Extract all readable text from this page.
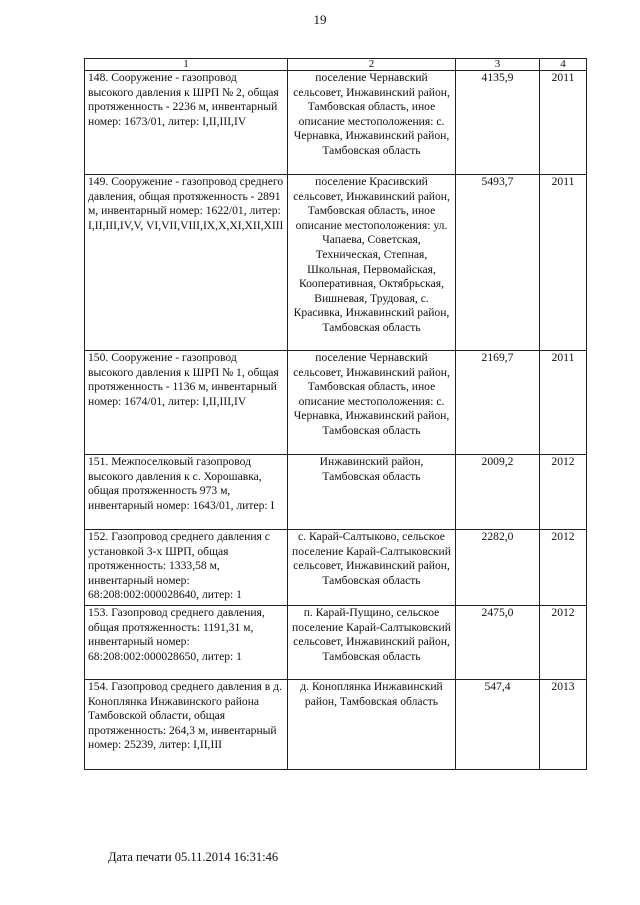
19
1	2	3	4
148. Сооружение - газопровод высокого давления к ШРП № 2, общая протяженность - 2236 м, инвентарный номер: 1673/01, литер: I,II,III,IV	поселение Чернавский сельсовет, Инжавинский район, Тамбовская область, иное описание местоположения: с. Чернавка, Инжавинский район, Тамбовская область	4135,9	2011
149. Сооружение - газопровод среднего давления, общая протяженность - 2891 м, инвентарный номер: 1622/01, литер: I,II,III,IV,V, VI,VII,VIII,IX,X,XI,XII,XIII	поселение Красивский сельсовет, Инжавинский район, Тамбовская область, иное описание местоположения: ул. Чапаева, Советская, Техническая, Степная, Школьная, Первомайская, Кооперативная, Октябрьская, Вишневая, Трудовая, с. Красивка, Инжавинский район, Тамбовская область	5493,7	2011
150. Сооружение - газопровод высокого давления к ШРП № 1, общая протяженность - 1136 м, инвентарный номер: 1674/01, литер: I,II,III,IV	поселение Чернавский сельсовет, Инжавинский район, Тамбовская область, иное описание местоположения: с. Чернавка, Инжавинский район, Тамбовская область	2169,7	2011
151. Межпоселковый газопровод высокого давления к с. Хорошавка, общая протяженность 973 м, инвентарный номер: 1643/01, литер: I	Инжавинский район, Тамбовская область	2009,2	2012
152. Газопровод среднего давления с установкой 3-х ШРП, общая протяженность: 1333,58 м, инвентарный номер: 68:208:002:000028640, литер: 1	с. Карай-Салтыково, сельское поселение Карай-Салтыковский сельсовет, Инжавинский район, Тамбовская область	2282,0	2012
153. Газопровод среднего давления, общая протяженность: 1191,31 м, инвентарный номер: 68:208:002:000028650, литер: 1	п. Карай-Пущино, сельское поселение Карай-Салтыковский сельсовет, Инжавинский район, Тамбовская область	2475,0	2012
154. Газопровод среднего давления в д. Коноплянка Инжавинского района Тамбовской области, общая протяженность: 264,3 м, инвентарный номер: 25239, литер: I,II,III	д. Коноплянка Инжавинский район, Тамбовская область	547,4	2013
Дата печати 05.11.2014 16:31:46
